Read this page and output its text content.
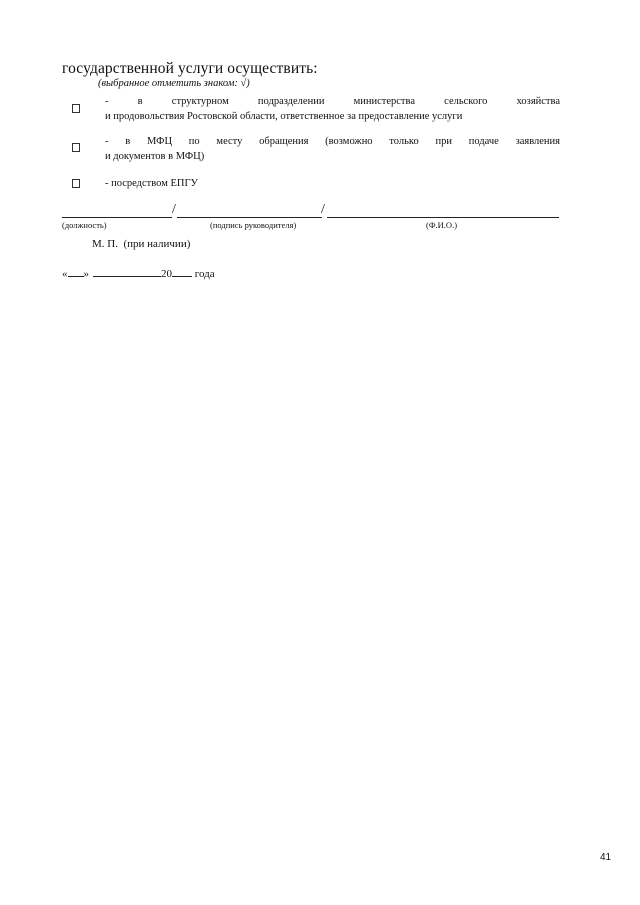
государственной услуги осуществить:
(выбранное отметить знаком: √)
- в структурном подразделении министерства сельского хозяйства
и продовольствия Ростовской области, ответственное за предоставление услуги
- в МФЦ по месту обращения (возможно только при подаче заявления
и документов в МФЦ)
- посредством ЕПГУ
/	/
(должность)	(подпись руководителя)	(Ф.И.О.)
М. П.  (при наличии)
« »	20 года
41
